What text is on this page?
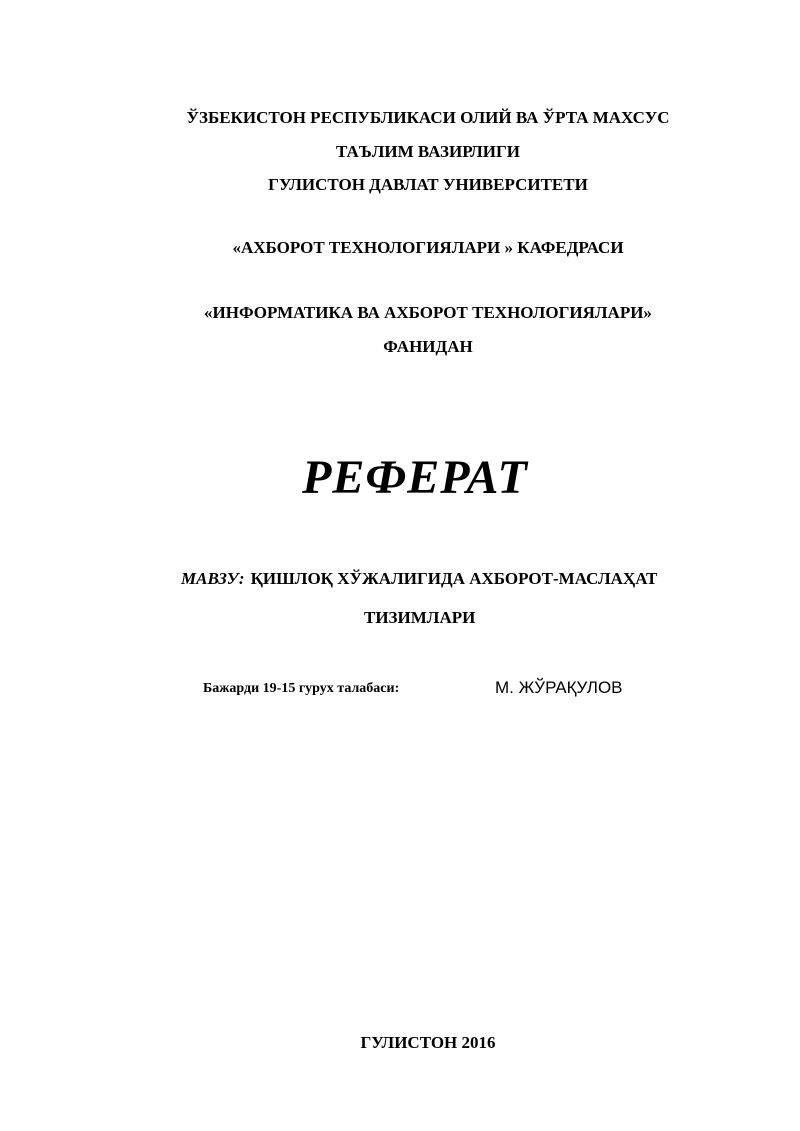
ЎЗБЕКИСТОН РЕСПУБЛИКАСИ ОЛИЙ ВА ЎРТА МАХСУС
ТАЪЛИМ ВАЗИРЛИГИ
ГУЛИСТОН ДАВЛАТ УНИВЕРСИТЕТИ
«АХБОРОТ ТЕХНОЛОГИЯЛАРИ » КАФЕДРАСИ
«ИНФОРМАТИКА ВА АХБОРОТ ТЕХНОЛОГИЯЛАРИ»
ФАНИДАН
РЕФЕРАТ
МАВЗУ: ҚИШЛОҚ ХЎЖАЛИГИДА АХБОРОТ-МАСЛАҲАТ
ТИЗИМЛАРИ
Бажарди 19-15 гурух талабаси:	М. ЖЎРАҚУЛОВ
ГУЛИСТОН 2016
